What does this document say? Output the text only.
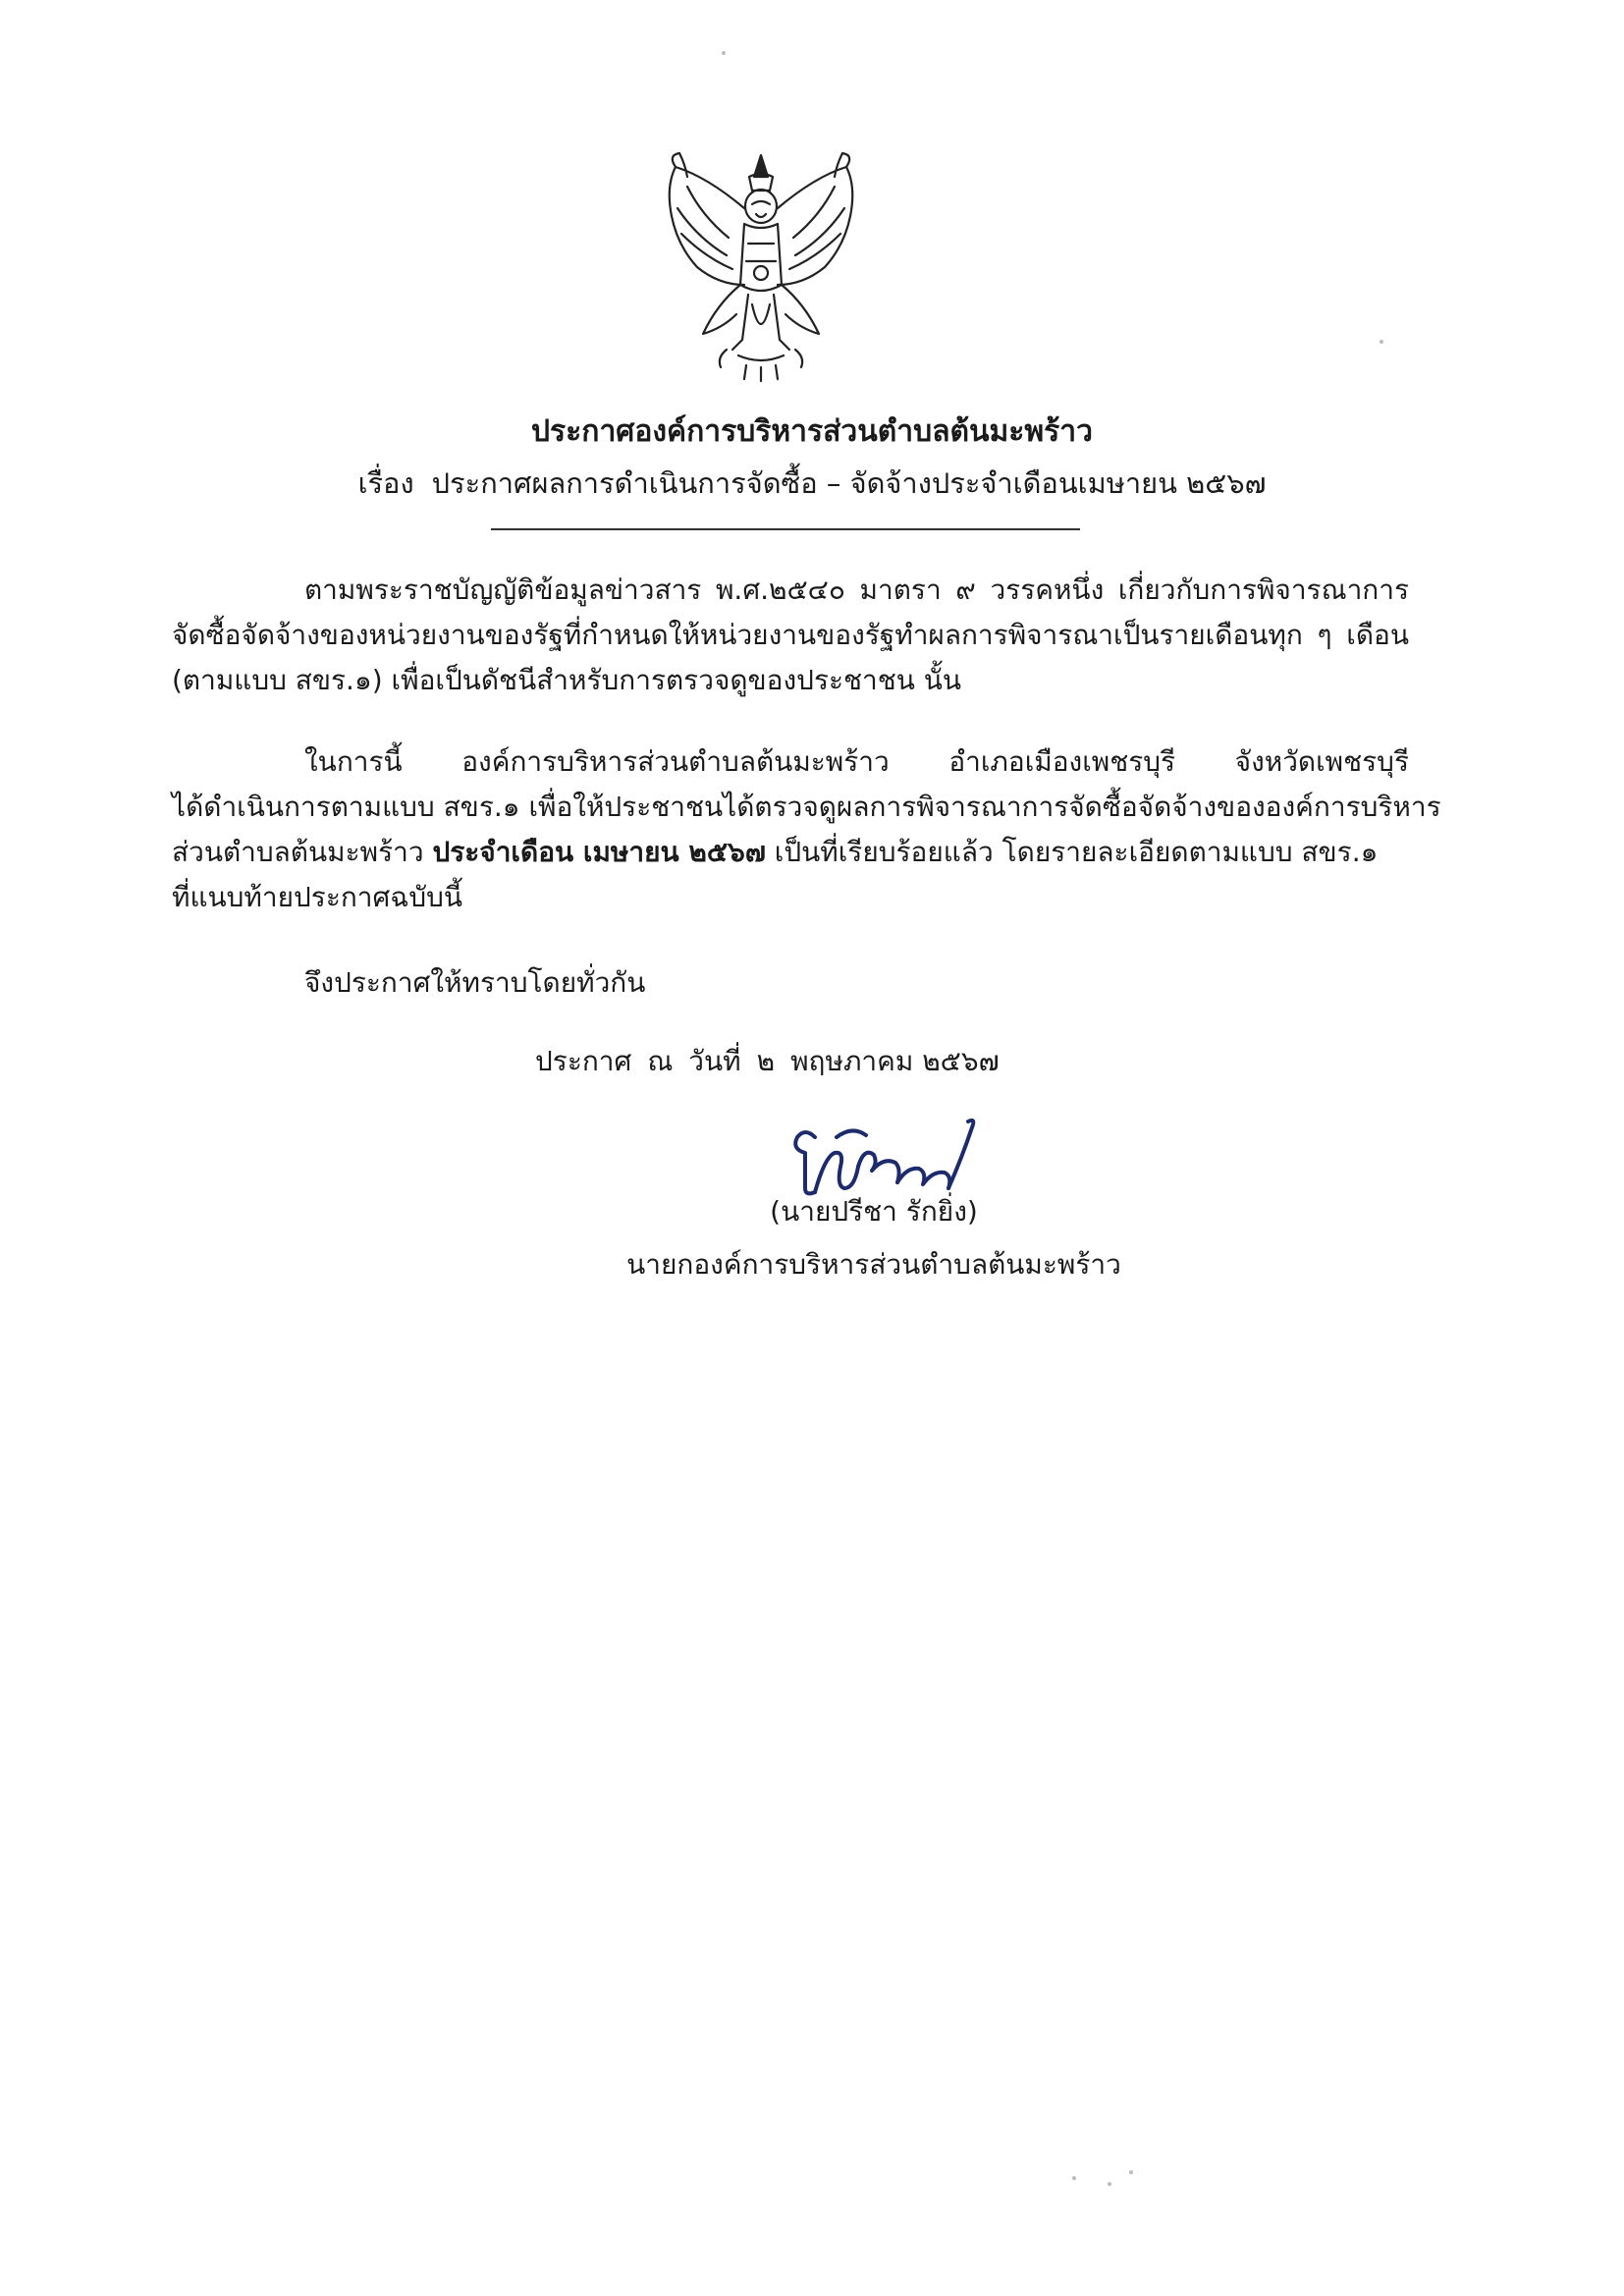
ประกาศองค์การบริหารส่วนตำบลต้นมะพร้าว
เรื่อง ประกาศผลการดำเนินการจัดซื้อ – จัดจ้างประจำเดือนเมษายน ๒๕๖๗
ตามพระราชบัญญัติข้อมูลข่าวสาร พ.ศ.๒๕๔๐ มาตรา ๙ วรรคหนึ่ง เกี่ยวกับการพิจารณาการ
จัดซื้อจัดจ้างของหน่วยงานของรัฐที่กำหนดให้หน่วยงานของรัฐทำผลการพิจารณาเป็นรายเดือนทุก ๆ เดือน
(ตามแบบ สขร.๑) เพื่อเป็นดัชนีสำหรับการตรวจดูของประชาชน นั้น
ในการนี้ องค์การบริหารส่วนตำบลต้นมะพร้าว อำเภอเมืองเพชรบุรี จังหวัดเพชรบุรี
ได้ดำเนินการตามแบบ สขร.๑ เพื่อให้ประชาชนได้ตรวจดูผลการพิจารณาการจัดซื้อจัดจ้างขององค์การบริหาร
ส่วนตำบลต้นมะพร้าว ประจำเดือน เมษายน ๒๕๖๗ เป็นที่เรียบร้อยแล้ว โดยรายละเอียดตามแบบ สขร.๑
ที่แนบท้ายประกาศฉบับนี้
จึงประกาศให้ทราบโดยทั่วกัน
ประกาศ ณ วันที่ ๒ พฤษภาคม ๒๕๖๗
(นายปรีชา รักยิ่ง)
นายกองค์การบริหารส่วนตำบลต้นมะพร้าว
